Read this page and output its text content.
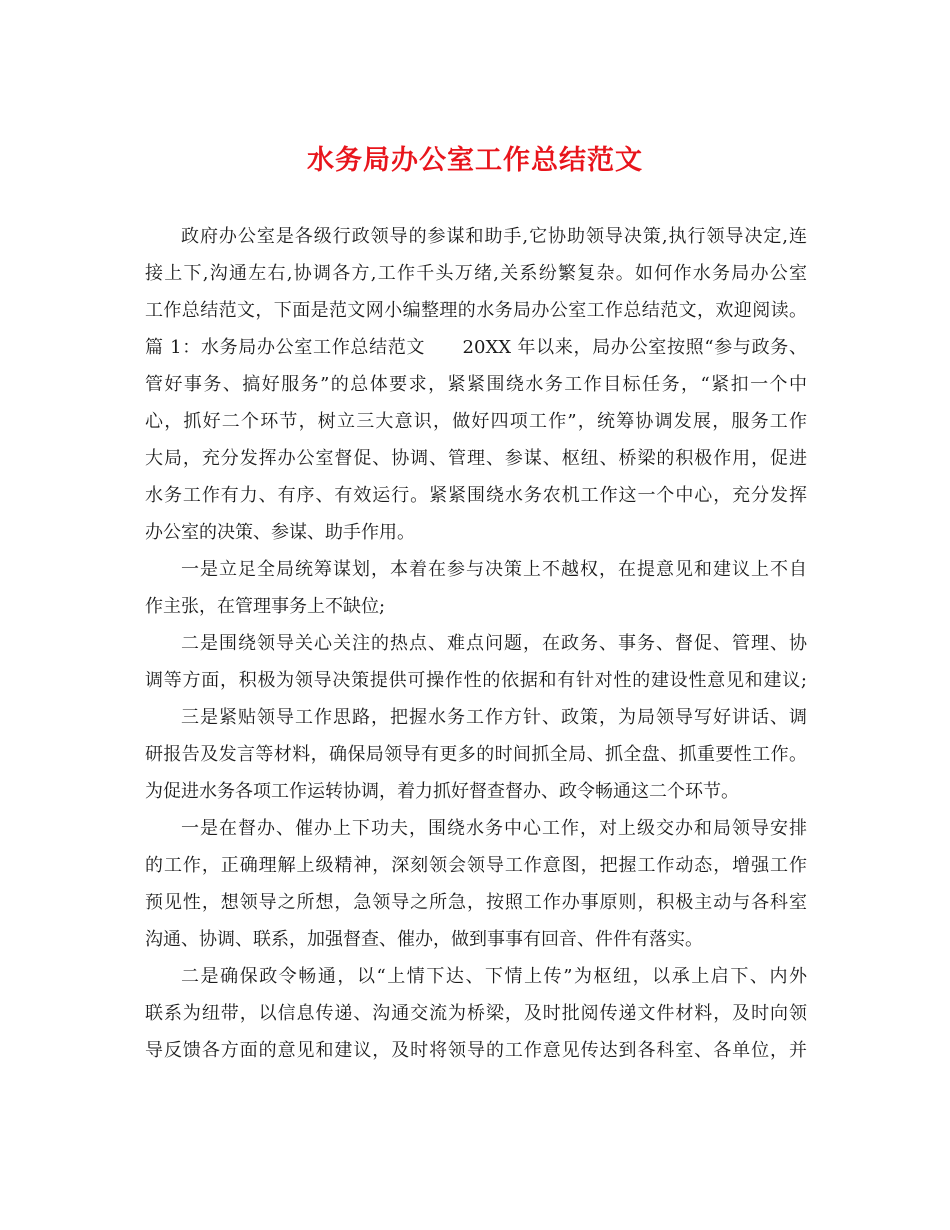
水务局办公室工作总结范文
政府办公室是各级行政领导的参谋和助手,它协助领导决策,执行领导决定,连
接上下,沟通左右,协调各方,工作千头万绪,关系纷繁复杂。如何作水务局办公室
工作总结范文，下面是范文网小编整理的水务局办公室工作总结范文，欢迎阅读。
篇 1：水务局办公室工作总结范文　　20XX 年以来，局办公室按照“参与政务、
管好事务、搞好服务”的总体要求，紧紧围绕水务工作目标任务，“紧扣一个中
心，抓好二个环节，树立三大意识，做好四项工作”，统筹协调发展，服务工作
大局，充分发挥办公室督促、协调、管理、参谋、枢纽、桥梁的积极作用，促进
水务工作有力、有序、有效运行。紧紧围绕水务农机工作这一个中心，充分发挥
办公室的决策、参谋、助手作用。
一是立足全局统筹谋划，本着在参与决策上不越权，在提意见和建议上不自
作主张，在管理事务上不缺位;
二是围绕领导关心关注的热点、难点问题，在政务、事务、督促、管理、协
调等方面，积极为领导决策提供可操作性的依据和有针对性的建设性意见和建议;
三是紧贴领导工作思路，把握水务工作方针、政策，为局领导写好讲话、调
研报告及发言等材料，确保局领导有更多的时间抓全局、抓全盘、抓重要性工作。
为促进水务各项工作运转协调，着力抓好督查督办、政令畅通这二个环节。
一是在督办、催办上下功夫，围绕水务中心工作，对上级交办和局领导安排
的工作，正确理解上级精神，深刻领会领导工作意图，把握工作动态，增强工作
预见性，想领导之所想，急领导之所急，按照工作办事原则，积极主动与各科室
沟通、协调、联系，加强督查、催办，做到事事有回音、件件有落实。
二是确保政令畅通，以“上情下达、下情上传”为枢纽，以承上启下、内外
联系为纽带，以信息传递、沟通交流为桥梁，及时批阅传递文件材料，及时向领
导反馈各方面的意见和建议，及时将领导的工作意见传达到各科室、各单位，并
